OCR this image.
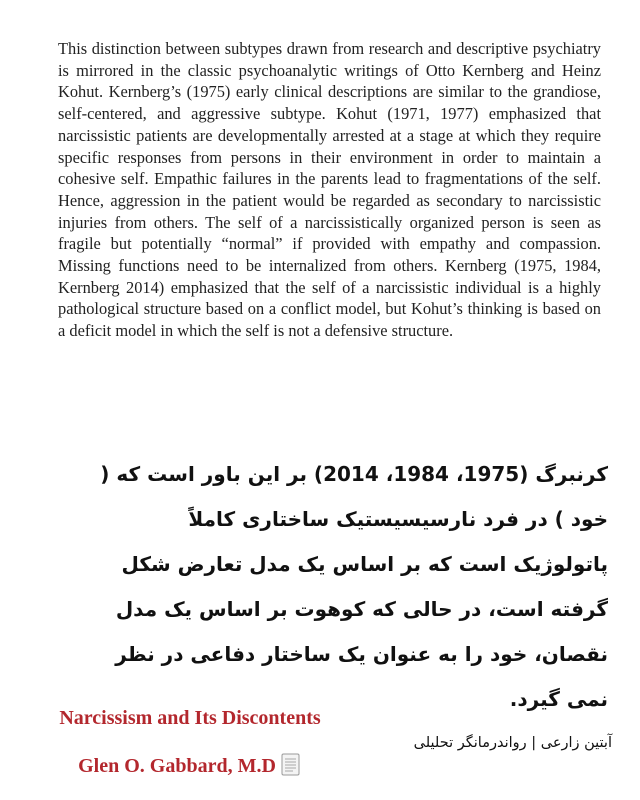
This distinction between subtypes drawn from research and descriptive psychiatry is mirrored in the classic psychoanalytic writings of Otto Kernberg and Heinz Kohut. Kernberg’s (1975) early clinical descriptions are similar to the grandiose, self-centered, and aggressive subtype. Kohut (1971, 1977) emphasized that narcissistic patients are developmentally arrested at a stage at which they require specific responses from persons in their environment in order to maintain a cohesive self. Empathic failures in the parents lead to fragmentations of the self. Hence, aggression in the patient would be regarded as secondary to narcissistic injuries from others. The self of a narcissistically organized person is seen as fragile but potentially “normal” if provided with empathy and compassion. Missing functions need to be internalized from others. Kernberg (1975, 1984, Kernberg 2014) emphasized that the self of a narcissistic individual is a highly pathological structure based on a conflict model, but Kohut’s thinking is based on a deficit model in which the self is not a defensive structure.

کرنبرگ (1975، 1984، 2014) بر این باور است که ( خود ) در فرد نارسیسیستیک ساختاری کاملاً پاتولوژیک است که بر اساس یک مدل تعارض شکل گرفته است، در حالی که کوهوت بر اساس یک مدل نقصان، خود را به عنوان یک ساختار دفاعی در نظر نمی گیرد.

Narcissism and Its Discontents
Glen O. Gabbard, M.D
آبتین زارعی | رواندرمانگر تحلیلی
